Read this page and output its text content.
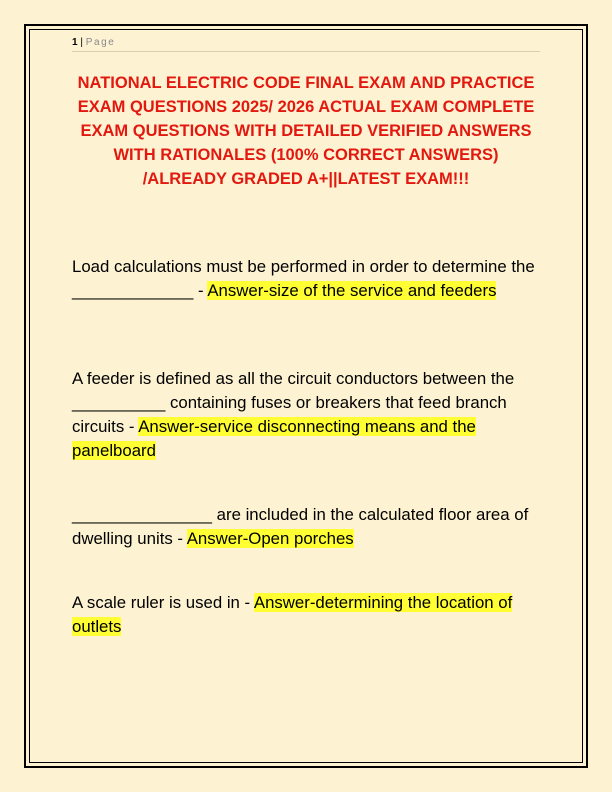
1 | Page
NATIONAL ELECTRIC CODE FINAL EXAM AND PRACTICE EXAM QUESTIONS 2025/ 2026 ACTUAL EXAM COMPLETE EXAM QUESTIONS WITH DETAILED VERIFIED ANSWERS WITH RATIONALES (100% CORRECT ANSWERS) /ALREADY GRADED A+||LATEST EXAM!!!

Load calculations must be performed in order to determine the _____________ - Answer-size of the service and feeders

A feeder is defined as all the circuit conductors between the __________ containing fuses or breakers that feed branch circuits - Answer-service disconnecting means and the panelboard

_______________ are included in the calculated floor area of dwelling units - Answer-Open porches

A scale ruler is used in - Answer-determining the location of outlets
